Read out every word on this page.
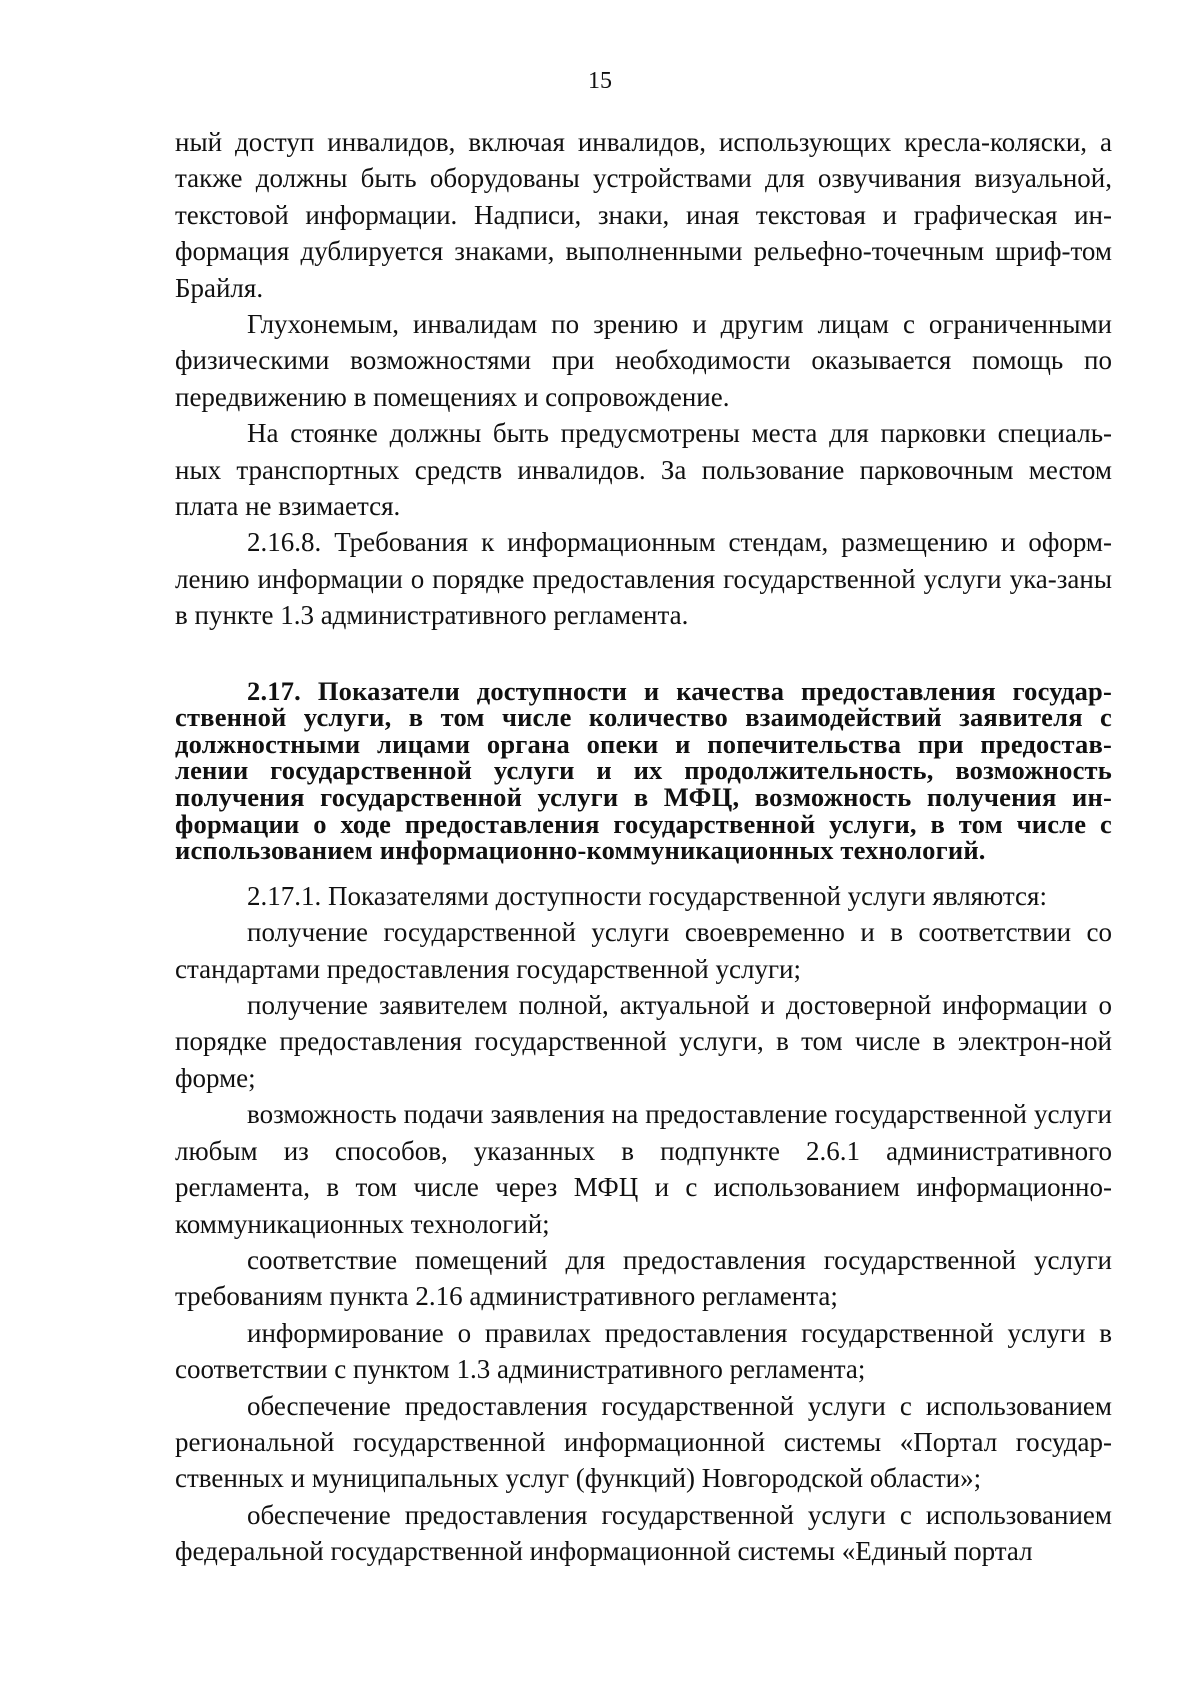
15

ный доступ инвалидов, включая инвалидов, использующих кресла-коляски, а также должны быть оборудованы устройствами для озвучивания визуальной, текстовой информации. Надписи, знаки, иная текстовая и графическая ин-формация дублируется знаками, выполненными рельефно-точечным шриф-том Брайля.

Глухонемым, инвалидам по зрению и другим лицам с ограниченными физическими возможностями при необходимости оказывается помощь по передвижению в помещениях и сопровождение.

На стоянке должны быть предусмотрены места для парковки специаль-ных транспортных средств инвалидов. За пользование парковочным местом плата не взимается.

2.16.8. Требования к информационным стендам, размещению и оформ-лению информации о порядке предоставления государственной услуги ука-заны в пункте 1.3 административного регламента.

2.17. Показатели доступности и качества предоставления государ-ственной услуги, в том числе количество взаимодействий заявителя с должностными лицами органа опеки и попечительства при предостав-лении государственной услуги и их продолжительность, возможность получения государственной услуги в МФЦ, возможность получения ин-формации о ходе предоставления государственной услуги, в том числе с использованием информационно-коммуникационных технологий.

2.17.1. Показателями доступности государственной услуги являются:

получение государственной услуги своевременно и в соответствии со стандартами предоставления государственной услуги;

получение заявителем полной, актуальной и достоверной информации о порядке предоставления государственной услуги, в том числе в электрон-ной форме;

возможность подачи заявления на предоставление государственной услуги любым из способов, указанных в подпункте 2.6.1 административного регламента, в том числе через МФЦ и с использованием информационно-коммуникационных технологий;

соответствие помещений для предоставления государственной услуги требованиям пункта 2.16 административного регламента;

информирование о правилах предоставления государственной услуги в соответствии с пунктом 1.3 административного регламента;

обеспечение предоставления государственной услуги с использованием региональной государственной информационной системы «Портал государ-ственных и муниципальных услуг (функций) Новгородской области»;

обеспечение предоставления государственной услуги с использованием федеральной государственной информационной системы «Единый портал
